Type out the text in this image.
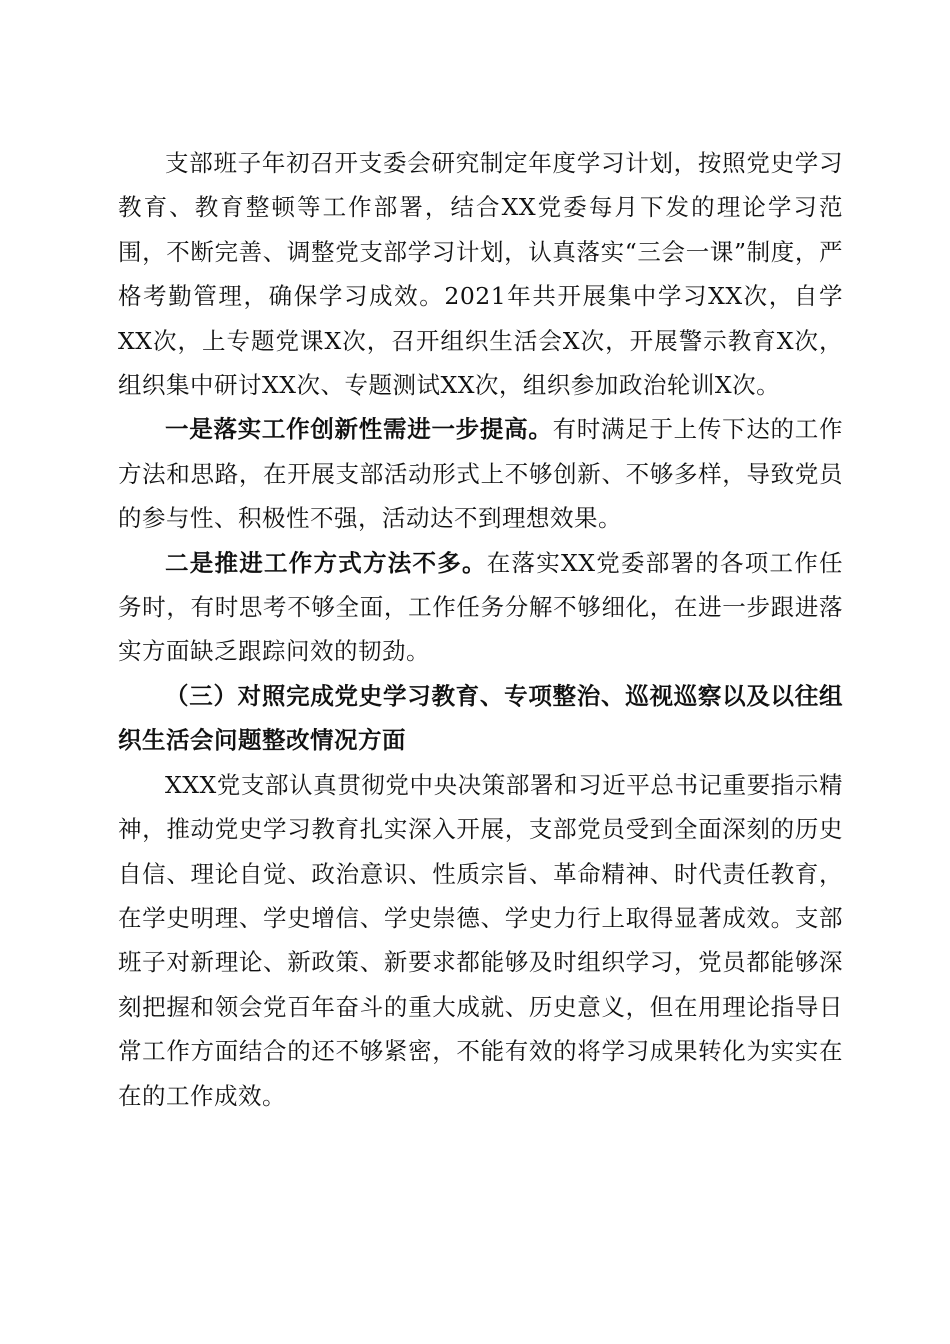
支部班子年初召开支委会研究制定年度学习计划，按照党史学习教育、教育整顿等工作部署，结合XX党委每月下发的理论学习范围，不断完善、调整党支部学习计划，认真落实“三会一课”制度，严格考勤管理，确保学习成效。2021年共开展集中学习XX次，自学XX次，上专题党课X次，召开组织生活会X次，开展警示教育X次，组织集中研讨XX次、专题测试XX次，组织参加政治轮训X次。

一是落实工作创新性需进一步提高。有时满足于上传下达的工作方法和思路，在开展支部活动形式上不够创新、不够多样，导致党员的参与性、积极性不强，活动达不到理想效果。

二是推进工作方式方法不多。在落实XX党委部署的各项工作任务时，有时思考不够全面，工作任务分解不够细化，在进一步跟进落实方面缺乏跟踪问效的韧劲。

（三）对照完成党史学习教育、专项整治、巡视巡察以及以往组织生活会问题整改情况方面

XXX党支部认真贯彻党中央决策部署和习近平总书记重要指示精神，推动党史学习教育扎实深入开展，支部党员受到全面深刻的历史自信、理论自觉、政治意识、性质宗旨、革命精神、时代责任教育，在学史明理、学史增信、学史崇德、学史力行上取得显著成效。支部班子对新理论、新政策、新要求都能够及时组织学习，党员都能够深刻把握和领会党百年奋斗的重大成就、历史意义，但在用理论指导日常工作方面结合的还不够紧密，不能有效的将学习成果转化为实实在在的工作成效。
